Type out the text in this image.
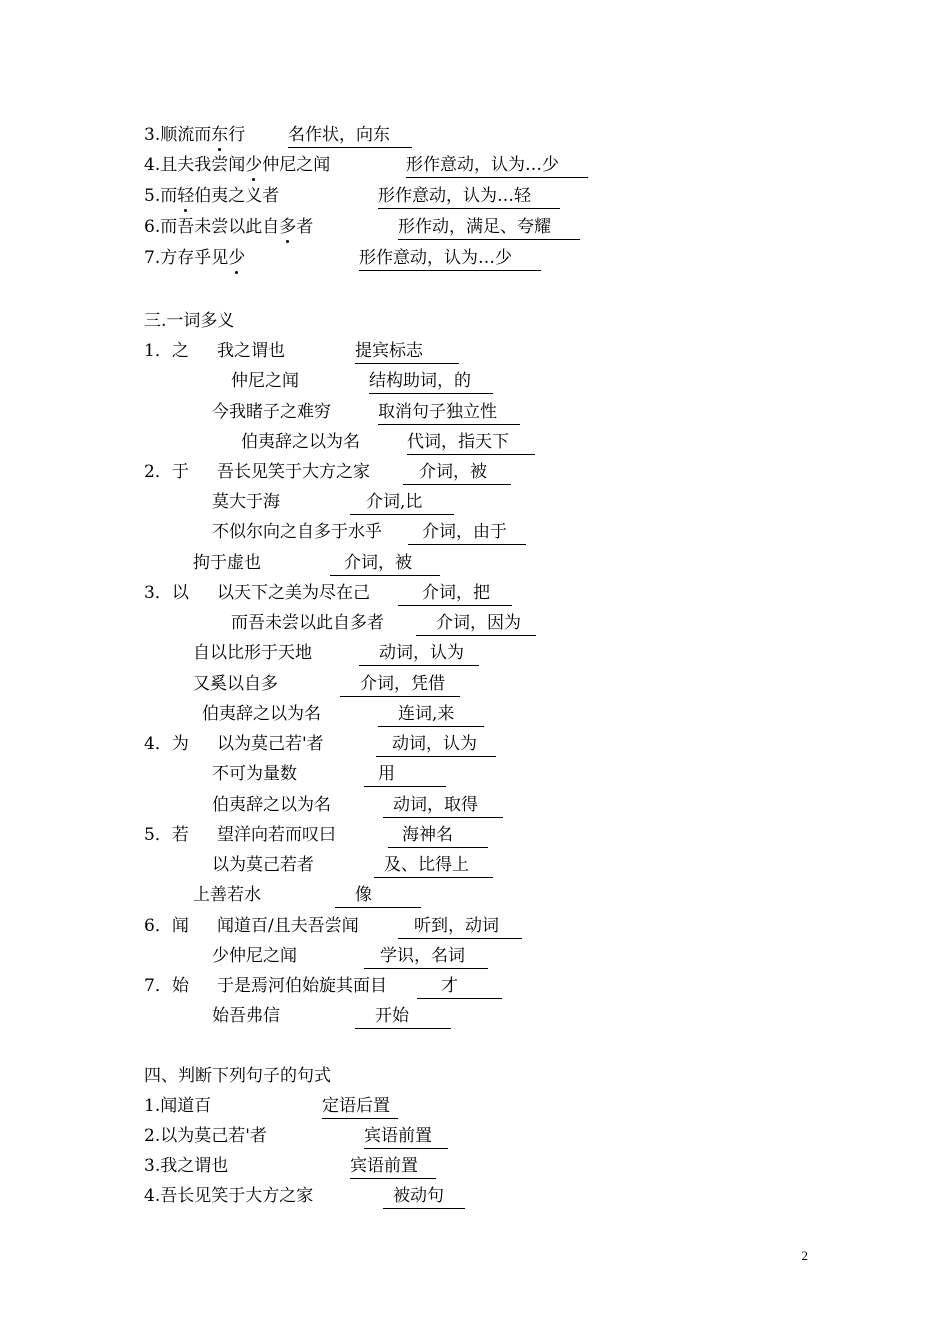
3.顺流而东行	名作状，向东
4.且夫我尝闻少仲尼之闻	形作意动，认为…少
5.而轻伯夷之义者	形作意动，认为…轻
6.而吾未尝以此自多者	形作动，满足、夸耀
7.方存乎见少	形作意动，认为…少
三.一词多义
1．之 我之谓也	提宾标志
仲尼之闻	结构助词，的
今我睹子之难穷	取消句子独立性
伯夷辞之以为名	代词，指天下
2．于 吾长见笑于大方之家	介词，被
莫大于海	介词,比
不似尔向之自多于水乎	介词，由于
拘于虚也	介词，被
3．以 以天下之美为尽在己	介词，把
而吾未尝以此自多者	介词，因为
自以比形于天地	动词，认为
又奚以自多	介词，凭借
伯夷辞之以为名	连词,来
4．为 以为莫己若'者	动词，认为
不可为量数	用
伯夷辞之以为名	动词，取得
5．若 望洋向若而叹曰	海神名
以为莫己若者	及、比得上
上善若水	像
6．闻 闻道百/且夫吾尝闻	听到，动词
少仲尼之闻	学识，名词
7．始 于是焉河伯始旋其面目	才
始吾弗信	开始
四、判断下列句子的句式
1.闻道百	定语后置
2.以为莫己若'者	宾语前置
3.我之谓也	宾语前置
4.吾长见笑于大方之家	被动句
2
